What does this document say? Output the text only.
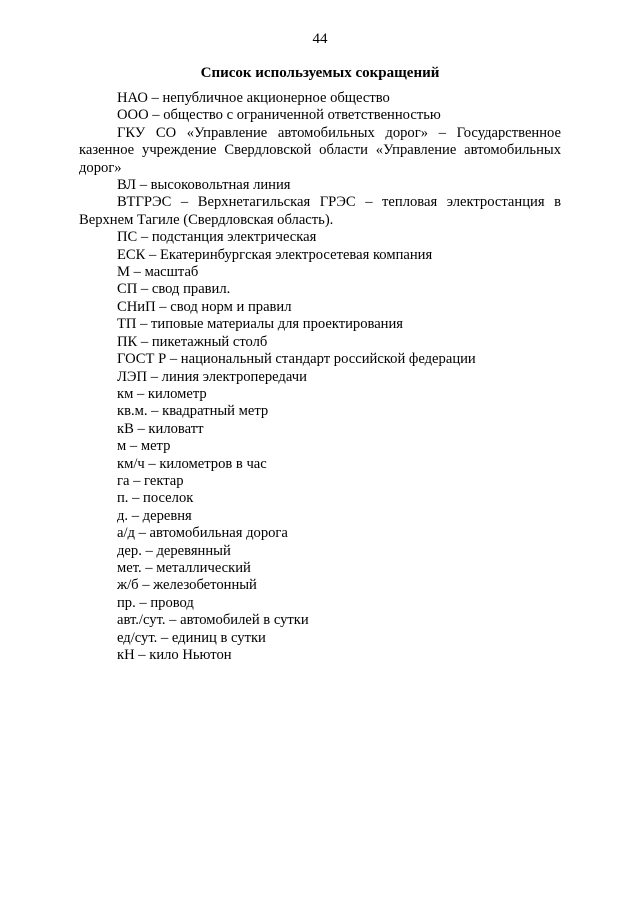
44
Список используемых сокращений

НАО – непубличное акционерное общество

ООО – общество с ограниченной ответственностью

ГКУ СО «Управление автомобильных дорог» – Государственное казенное учреждение Свердловской области «Управление автомобильных дорог»

ВЛ – высоковольтная линия

ВТГРЭС – Верхнетагильская ГРЭС – тепловая электростанция в Верхнем Тагиле (Свердловская область).

ПС – подстанция электрическая

ЕСК – Екатеринбургская электросетевая компания

М – масштаб

СП – свод правил.

СНиП – свод норм и правил

ТП – типовые материалы для проектирования

ПК – пикетажный столб

ГОСТ Р – национальный стандарт российской федерации

ЛЭП – линия электропередачи

км – километр

кв.м. – квадратный метр

кВ – киловатт

м – метр

км/ч – километров в час

га – гектар

п. – поселок

д. – деревня

а/д – автомобильная дорога

дер. – деревянный

мет. – металлический

ж/б – железобетонный

пр. – провод

авт./сут. – автомобилей в сутки

ед/сут. – единиц в сутки

кН – кило Ньютон
